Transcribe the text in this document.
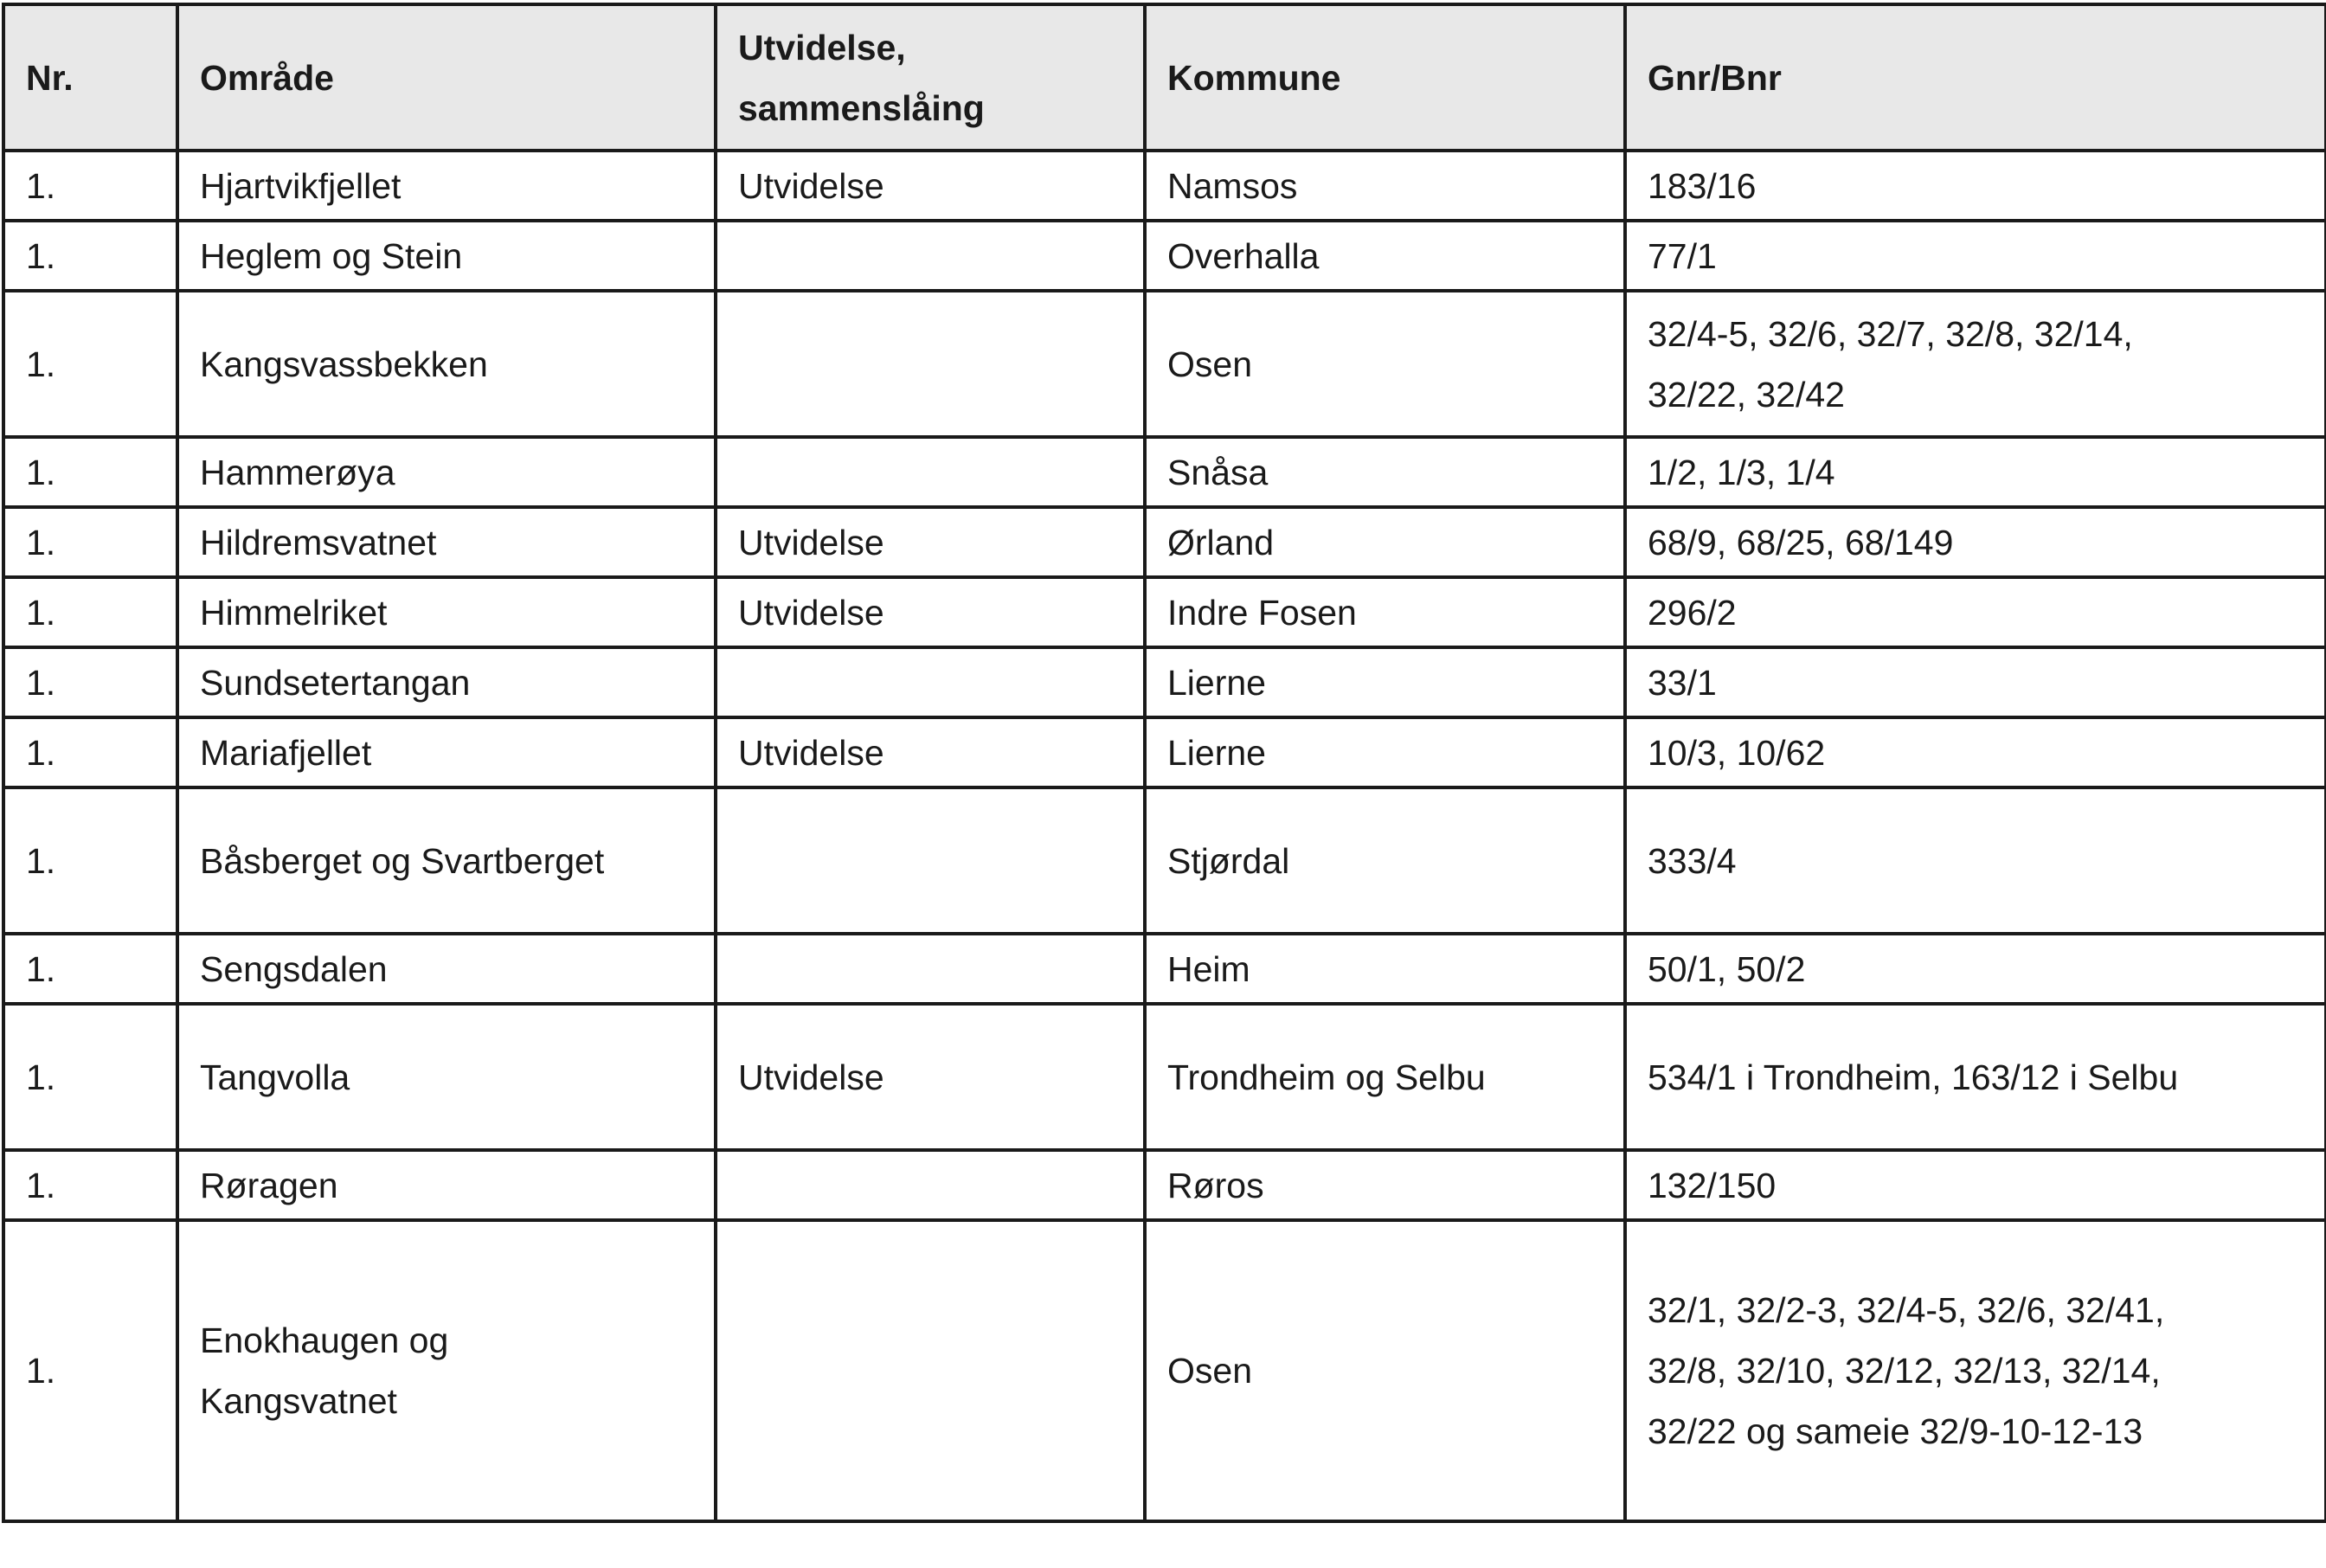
Nr.	Område	Utvidelse,
sammenslåing	Kommune	Gnr/Bnr
1.	Hjartvikfjellet	Utvidelse	Namsos	183/16
1.	Heglem og Stein		Overhalla	77/1
1.	Kangsvassbekken		Osen	32/4-5, 32/6, 32/7, 32/8, 32/14,
32/22, 32/42
1.	Hammerøya		Snåsa	1/2, 1/3, 1/4
1.	Hildremsvatnet	Utvidelse	Ørland	68/9, 68/25, 68/149
1.	Himmelriket	Utvidelse	Indre Fosen	296/2
1.	Sundsetertangan		Lierne	33/1
1.	Mariafjellet	Utvidelse	Lierne	10/3, 10/62
1.	Båsberget og Svartberget		Stjørdal	333/4
1.	Sengsdalen		Heim	50/1, 50/2
1.	Tangvolla	Utvidelse	Trondheim og Selbu	534/1 i Trondheim, 163/12 i Selbu
1.	Røragen		Røros	132/150
1.	Enokhaugen og
Kangsvatnet		Osen	32/1, 32/2-3, 32/4-5, 32/6, 32/41,
32/8, 32/10, 32/12, 32/13, 32/14,
32/22 og sameie 32/9-10-12-13
